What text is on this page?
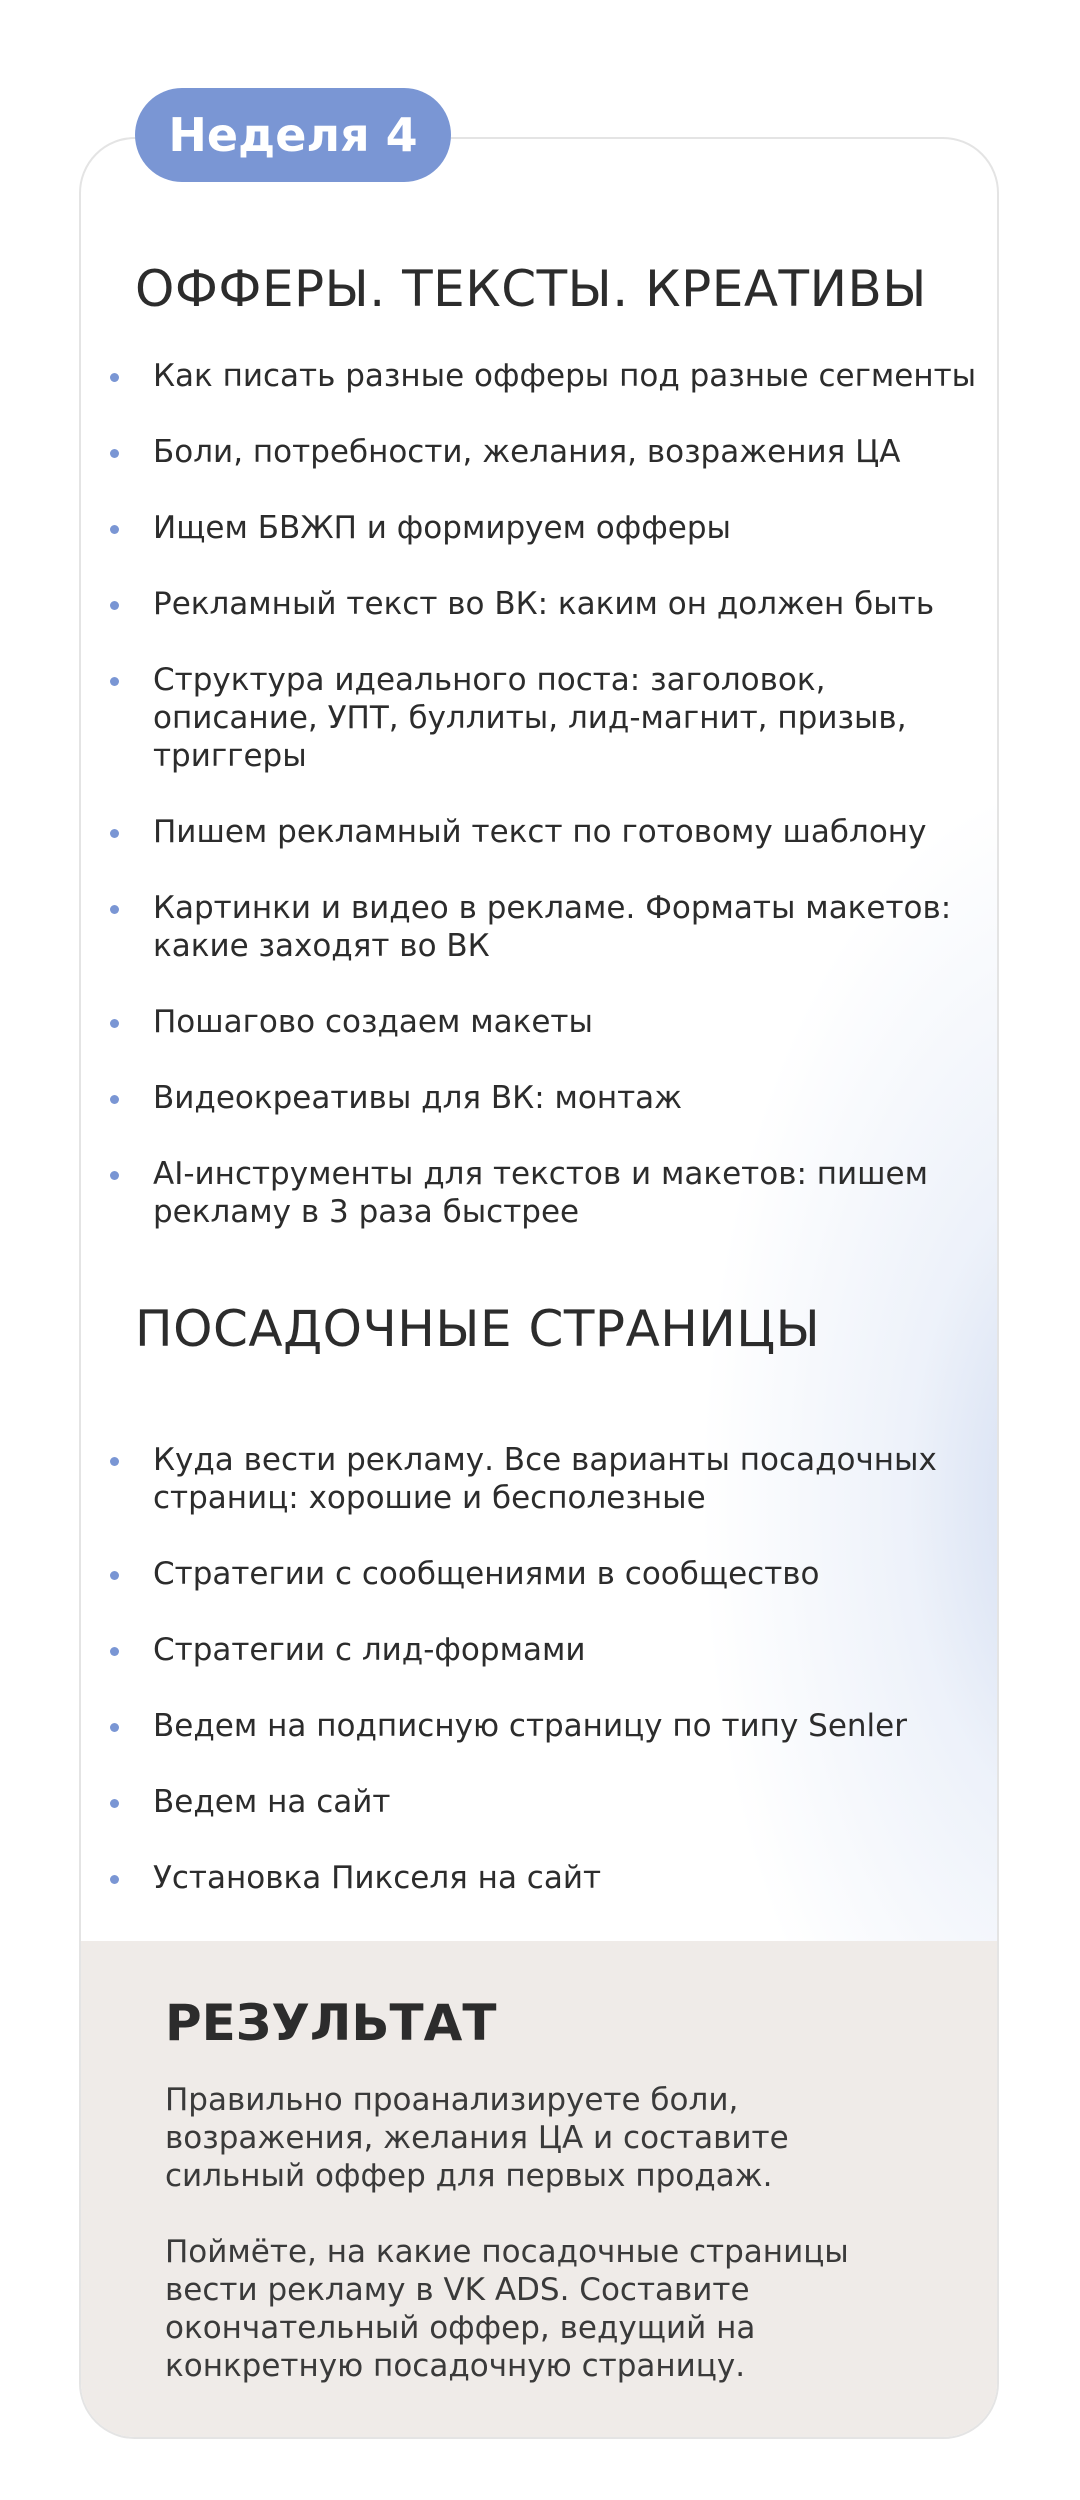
ОФФЕРЫ. ТЕКСТЫ. КРЕАТИВЫ
Как писать разные офферы под разные сегменты
Боли, потребности, желания, возражения ЦА
Ищем БВЖП и формируем офферы
Рекламный текст во ВК: каким он должен быть
Структура идеального поста: заголовок, описание, УПТ, буллиты, лид-магнит, призыв, триггеры
Пишем рекламный текст по готовому шаблону
Картинки и видео в рекламе. Форматы макетов: какие заходят во ВК
Пошагово создаем макеты
Видеокреативы для ВК: монтаж
AI-инструменты для текстов и макетов: пишем рекламу в 3 раза быстрее
ПОСАДОЧНЫЕ СТРАНИЦЫ
Куда вести рекламу. Все варианты посадочных страниц: хорошие и бесполезные
Стратегии с сообщениями в сообщество
Стратегии с лид-формами
Ведем на подписную страницу по типу Senler
Ведем на сайт
Установка Пикселя на сайт
РЕЗУЛЬТАТ

Правильно проанализируете боли, возражения, желания ЦА и составите сильный оффер для первых продаж.

Поймёте, на какие посадочные страницы вести рекламу в VK ADS. Составите окончательный оффер, ведущий на конкретную посадочную страницу.

Неделя 4
